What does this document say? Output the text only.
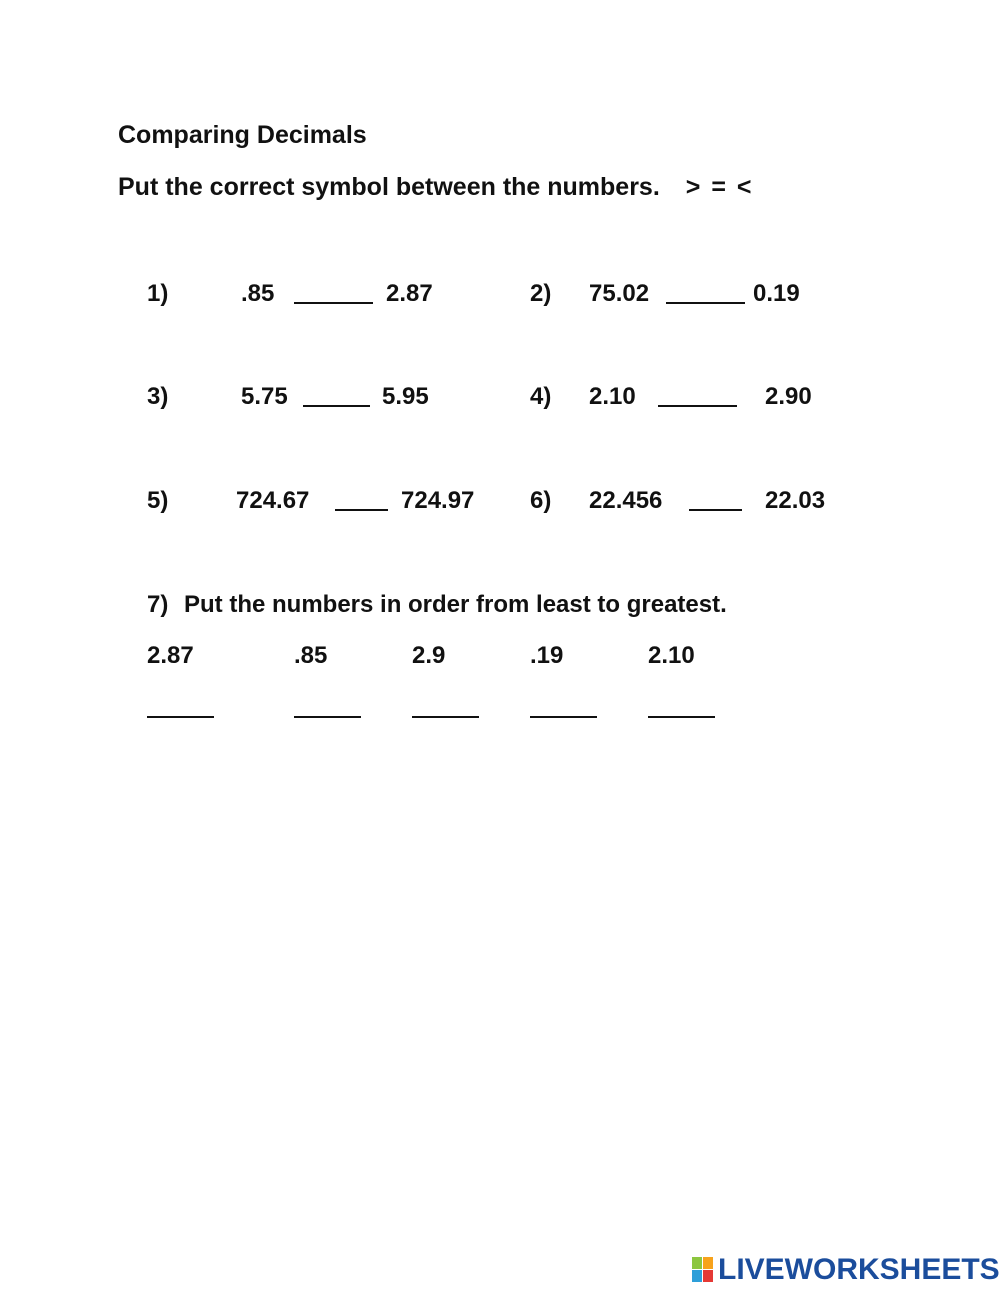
Comparing Decimals
Put the correct symbol between the numbers. > = <
1)	.85	2.87	2) 75.02	0.19
3)	5.75	5.95	4) 2.10	2.90
5)	724.67	724.97 6) 22.456	22.03
7) Put the numbers in order from least to greatest.
2.87	.85	2.9	.19	2.10
LIVEWORKSHEETS
